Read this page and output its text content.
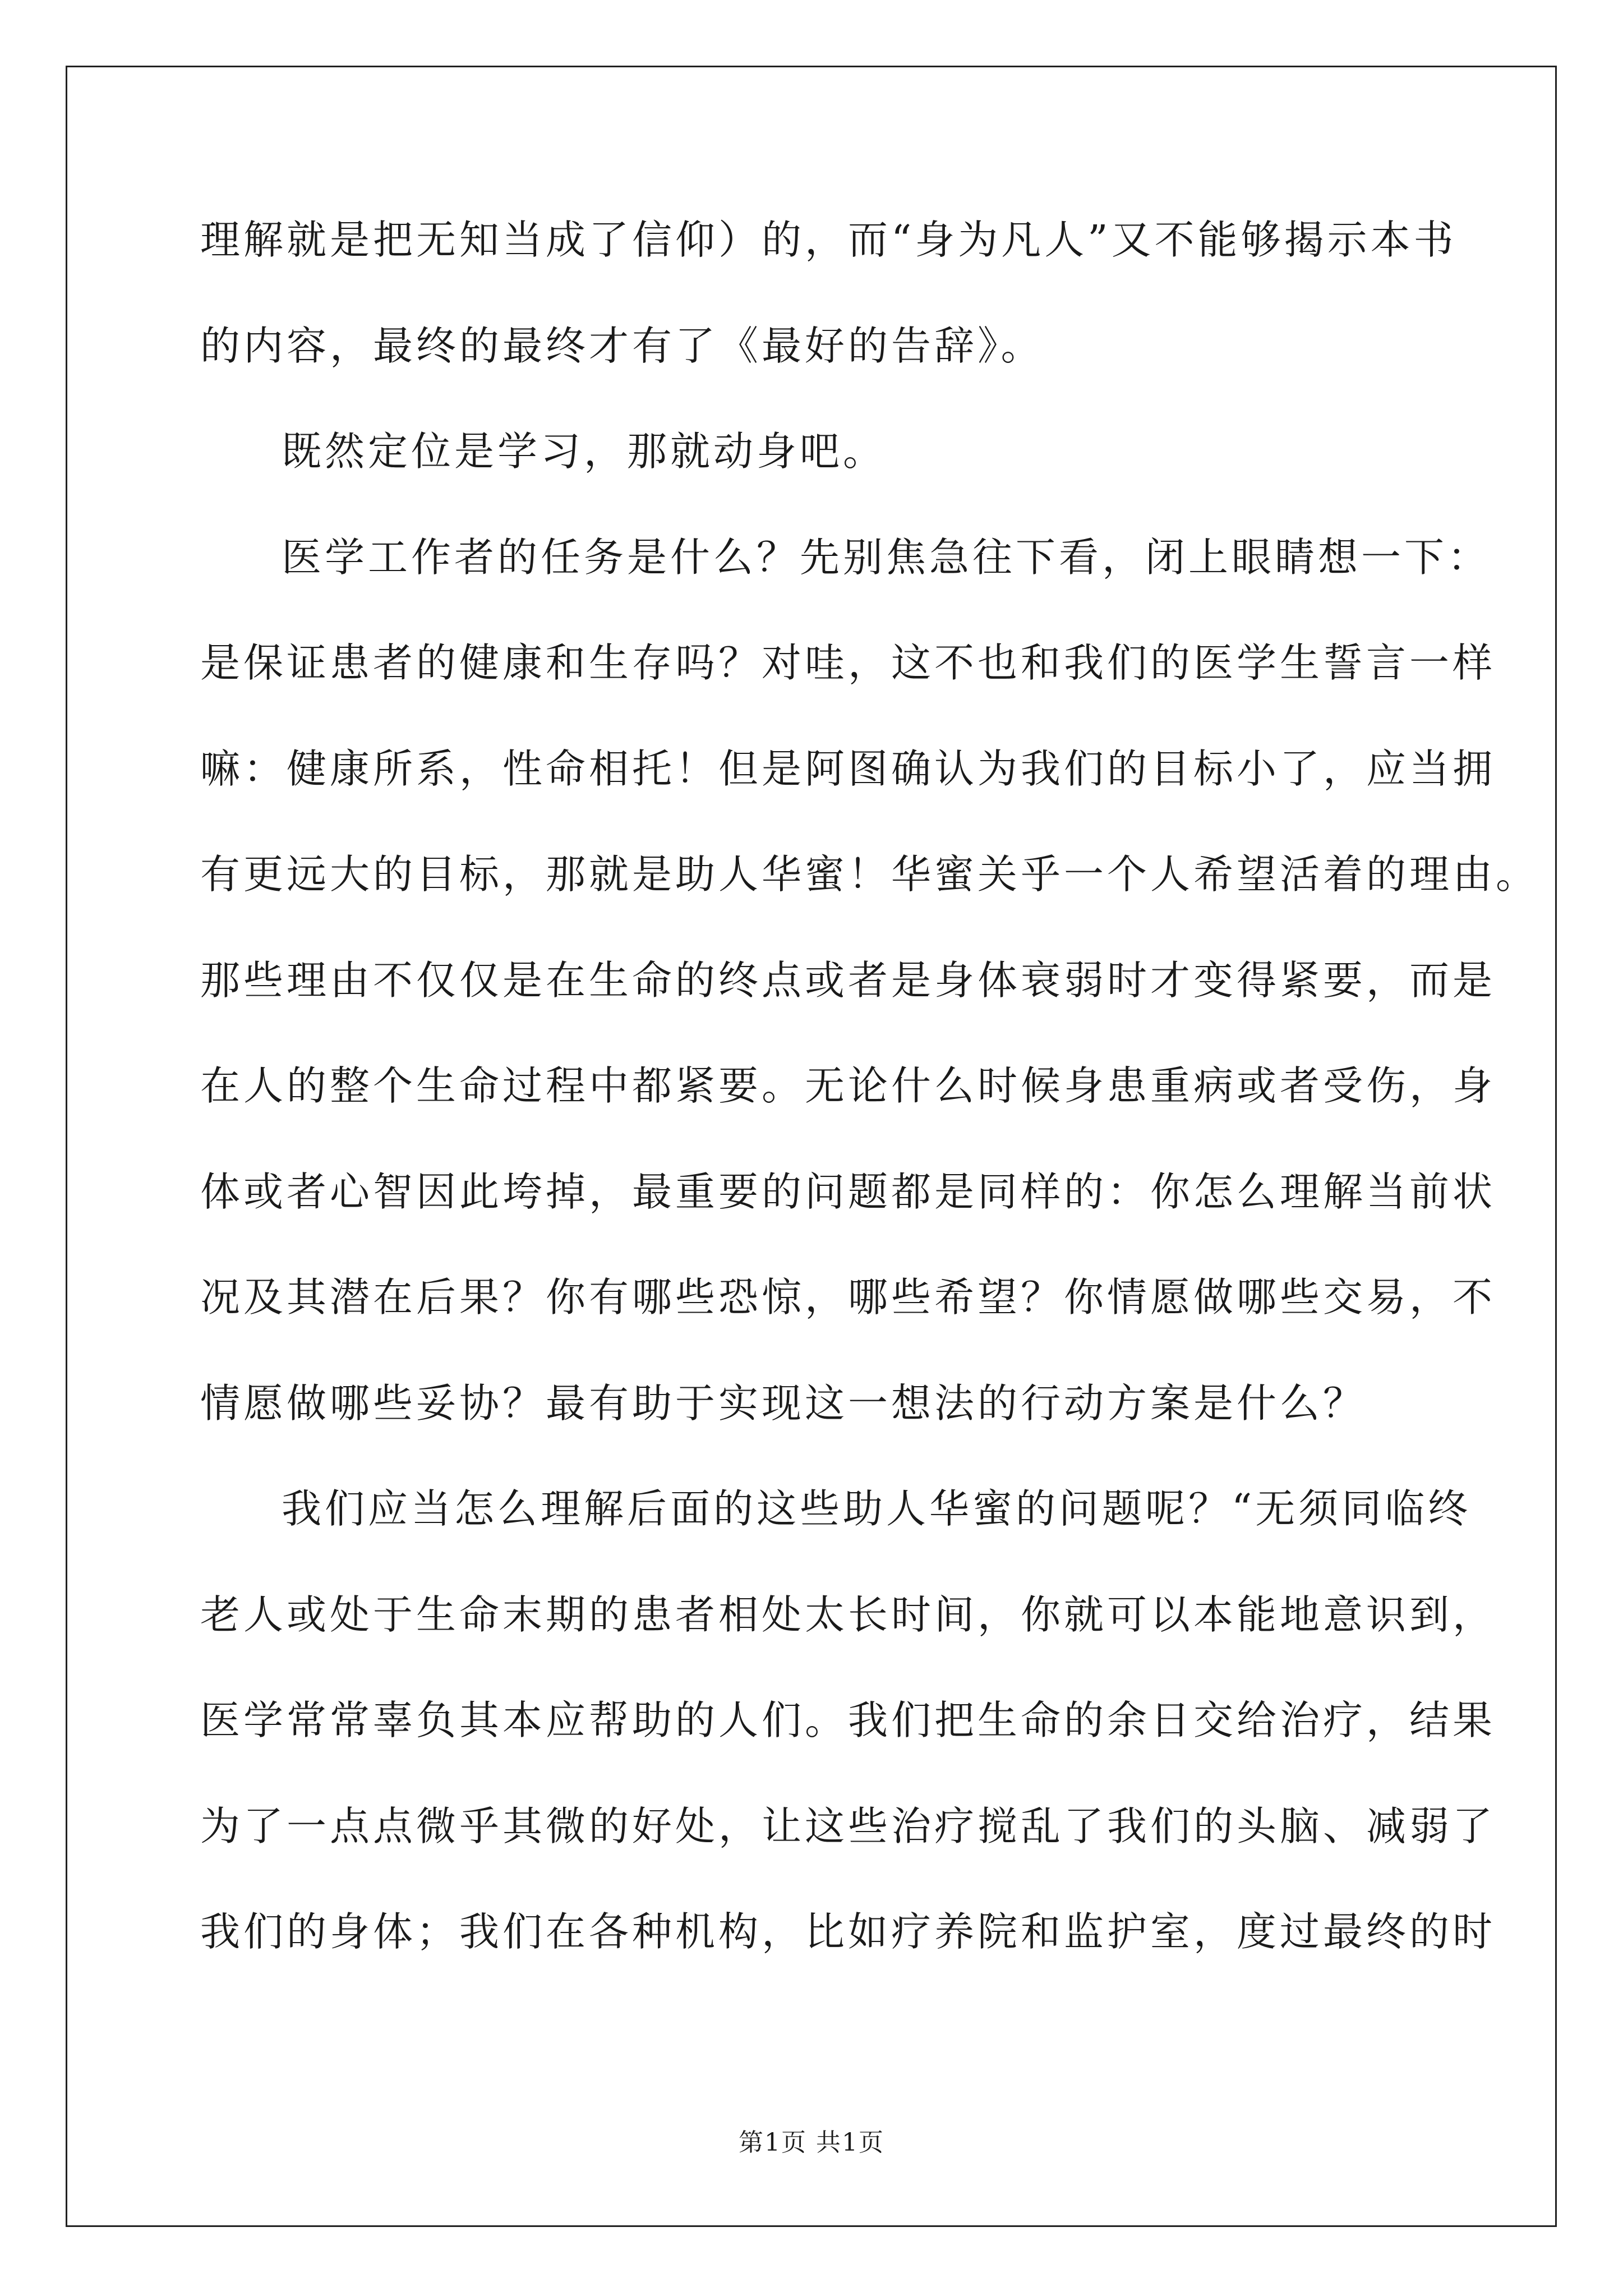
理解就是把无知当成了信仰）的，而“身为凡人”又不能够揭示本书
的内容，最终的最终才有了《最好的告辞》。
既然定位是学习，那就动身吧。
医学工作者的任务是什么？先别焦急往下看，闭上眼睛想一下：
是保证患者的健康和生存吗？对哇，这不也和我们的医学生誓言一样
嘛：健康所系，性命相托！但是阿图确认为我们的目标小了，应当拥
有更远大的目标，那就是助人华蜜！华蜜关乎一个人希望活着的理由。
那些理由不仅仅是在生命的终点或者是身体衰弱时才变得紧要，而是
在人的整个生命过程中都紧要。无论什么时候身患重病或者受伤，身
体或者心智因此垮掉，最重要的问题都是同样的：你怎么理解当前状
况及其潜在后果？你有哪些恐惊，哪些希望？你情愿做哪些交易，不
情愿做哪些妥协？最有助于实现这一想法的行动方案是什么？
我们应当怎么理解后面的这些助人华蜜的问题呢？“无须同临终
老人或处于生命末期的患者相处太长时间，你就可以本能地意识到，
医学常常辜负其本应帮助的人们。我们把生命的余日交给治疗，结果
为了一点点微乎其微的好处，让这些治疗搅乱了我们的头脑、减弱了
我们的身体；我们在各种机构，比如疗养院和监护室，度过最终的时
第1页 共1页
